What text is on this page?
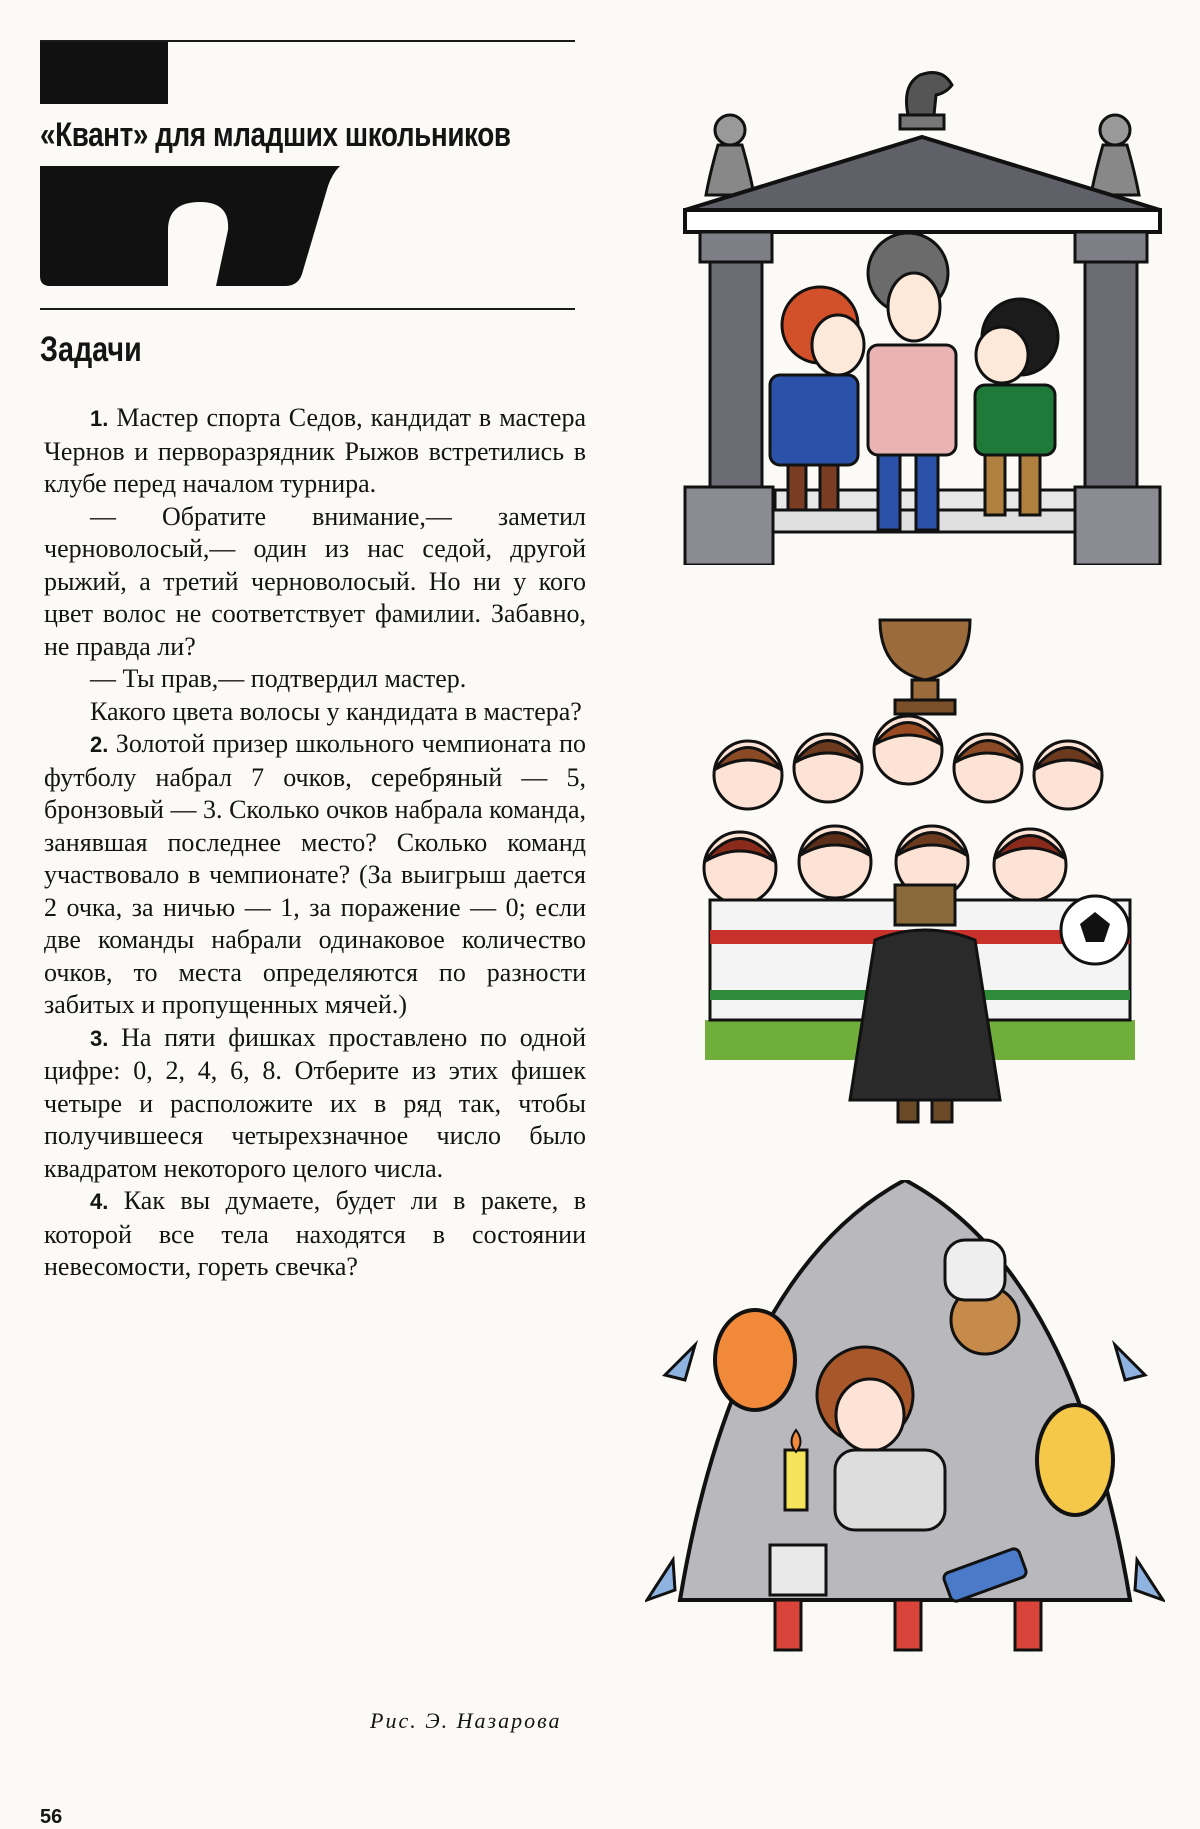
«Квант» для младших школьников
Задачи

1. Мастер спорта Седов, кандидат в мастера Чернов и перворазрядник Рыжов встретились в клубе перед началом турнира.

— Обратите внимание,— заметил черноволосый,— один из нас седой, другой рыжий, а третий черноволосый. Но ни у кого цвет волос не соответствует фамилии. Забавно, не правда ли?

— Ты прав,— подтвердил мастер.

Какого цвета волосы у кандидата в мастера?

2. Золотой призер школьного чемпионата по футболу набрал 7 очков, серебряный — 5, бронзовый — 3. Сколько очков набрала команда, занявшая последнее место? Сколько команд участвовало в чемпионате? (За выигрыш дается 2 очка, за ничью — 1, за поражение — 0; если две команды набрали одинаковое количество очков, то места определяются по разности забитых и пропущенных мячей.)

3. На пяти фишках проставлено по одной цифре: 0, 2, 4, 6, 8. Отберите из этих фишек четыре и расположите их в ряд так, чтобы получившееся четырехзначное число было квадратом некоторого целого числа.

4. Как вы думаете, будет ли в ракете, в которой все тела находятся в состоянии невесомости, гореть свечка?

Рис. Э. Назарова
56
